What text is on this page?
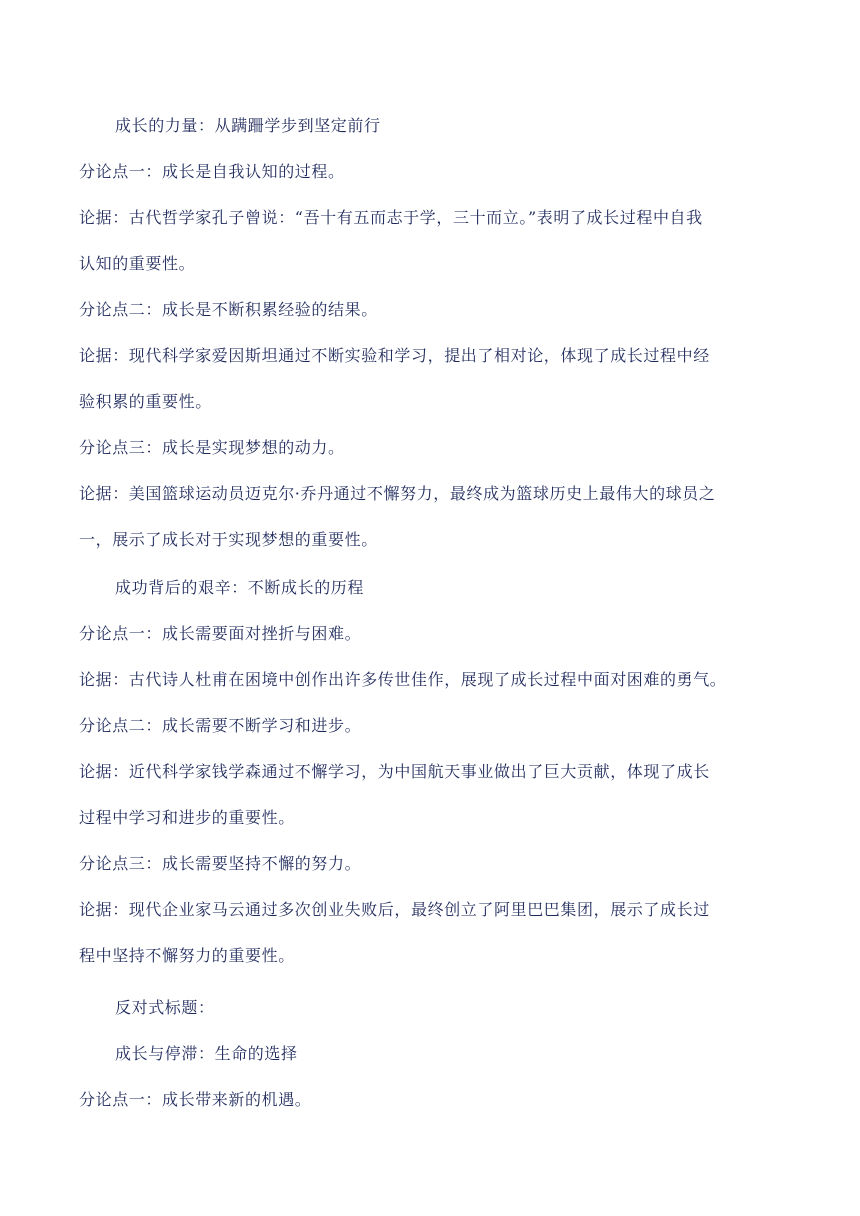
成长的力量：从蹒跚学步到坚定前行
分论点一：成长是自我认知的过程。
论据：古代哲学家孔子曾说：“吾十有五而志于学，三十而立。”表明了成长过程中自我
认知的重要性。
分论点二：成长是不断积累经验的结果。
论据：现代科学家爱因斯坦通过不断实验和学习，提出了相对论，体现了成长过程中经
验积累的重要性。
分论点三：成长是实现梦想的动力。
论据：美国篮球运动员迈克尔·乔丹通过不懈努力，最终成为篮球历史上最伟大的球员之
一，展示了成长对于实现梦想的重要性。
成功背后的艰辛：不断成长的历程
分论点一：成长需要面对挫折与困难。
论据：古代诗人杜甫在困境中创作出许多传世佳作，展现了成长过程中面对困难的勇气。
分论点二：成长需要不断学习和进步。
论据：近代科学家钱学森通过不懈学习，为中国航天事业做出了巨大贡献，体现了成长
过程中学习和进步的重要性。
分论点三：成长需要坚持不懈的努力。
论据：现代企业家马云通过多次创业失败后，最终创立了阿里巴巴集团，展示了成长过
程中坚持不懈努力的重要性。
反对式标题：
成长与停滞：生命的选择
分论点一：成长带来新的机遇。
